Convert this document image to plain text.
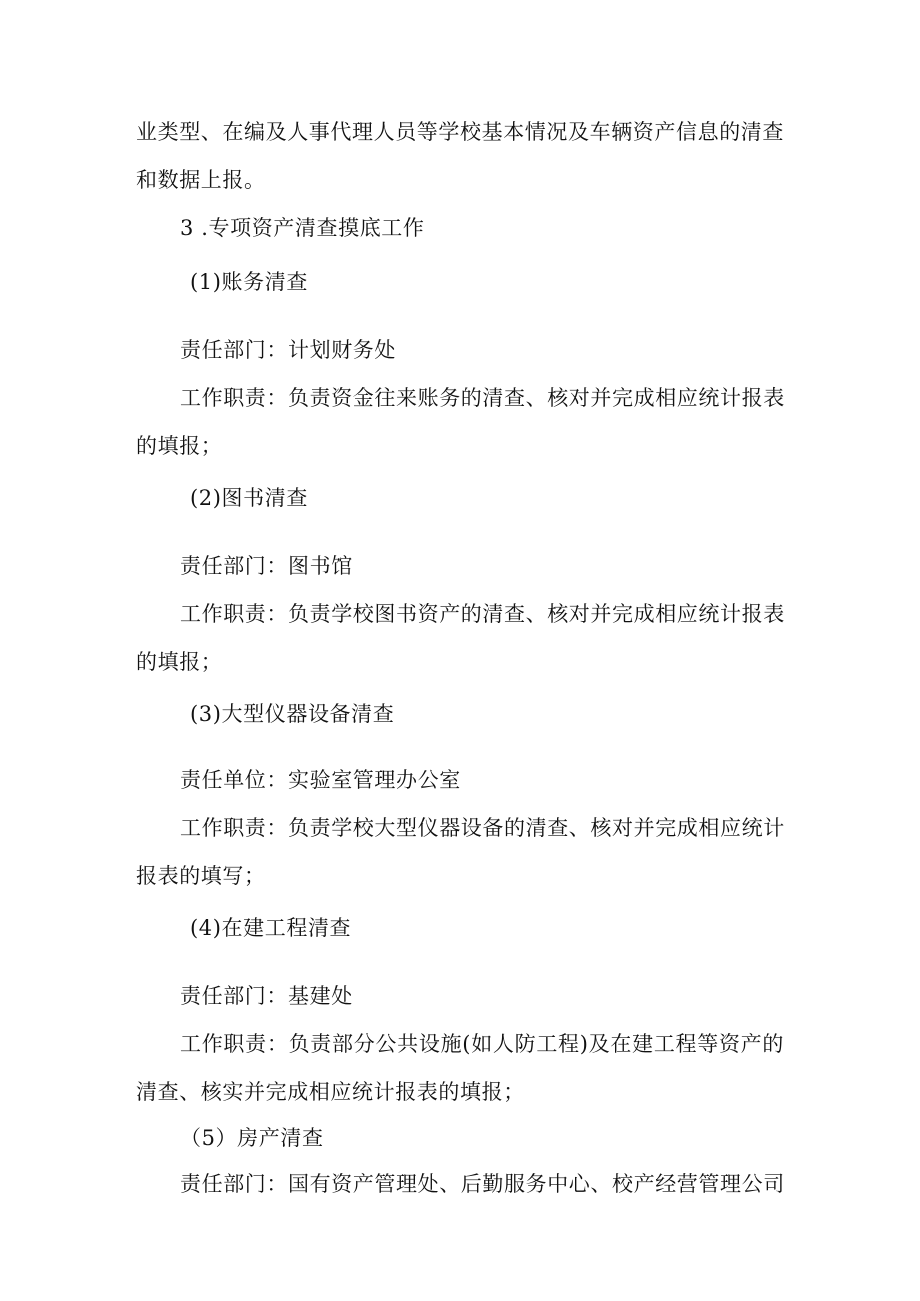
业类型、在编及人事代理人员等学校基本情况及车辆资产信息的清查
和数据上报。
3 .专项资产清查摸底工作
(1)账务清查
责任部门：计划财务处
工作职责：负责资金往来账务的清查、核对并完成相应统计报表
的填报；
(2)图书清查
责任部门：图书馆
工作职责：负责学校图书资产的清查、核对并完成相应统计报表
的填报；
(3)大型仪器设备清查
责任单位：实验室管理办公室
工作职责：负责学校大型仪器设备的清查、核对并完成相应统计
报表的填写；
(4)在建工程清查
责任部门：基建处
工作职责：负责部分公共设施(如人防工程)及在建工程等资产的
清查、核实并完成相应统计报表的填报；
（5）房产清查
责任部门：国有资产管理处、后勤服务中心、校产经营管理公司
